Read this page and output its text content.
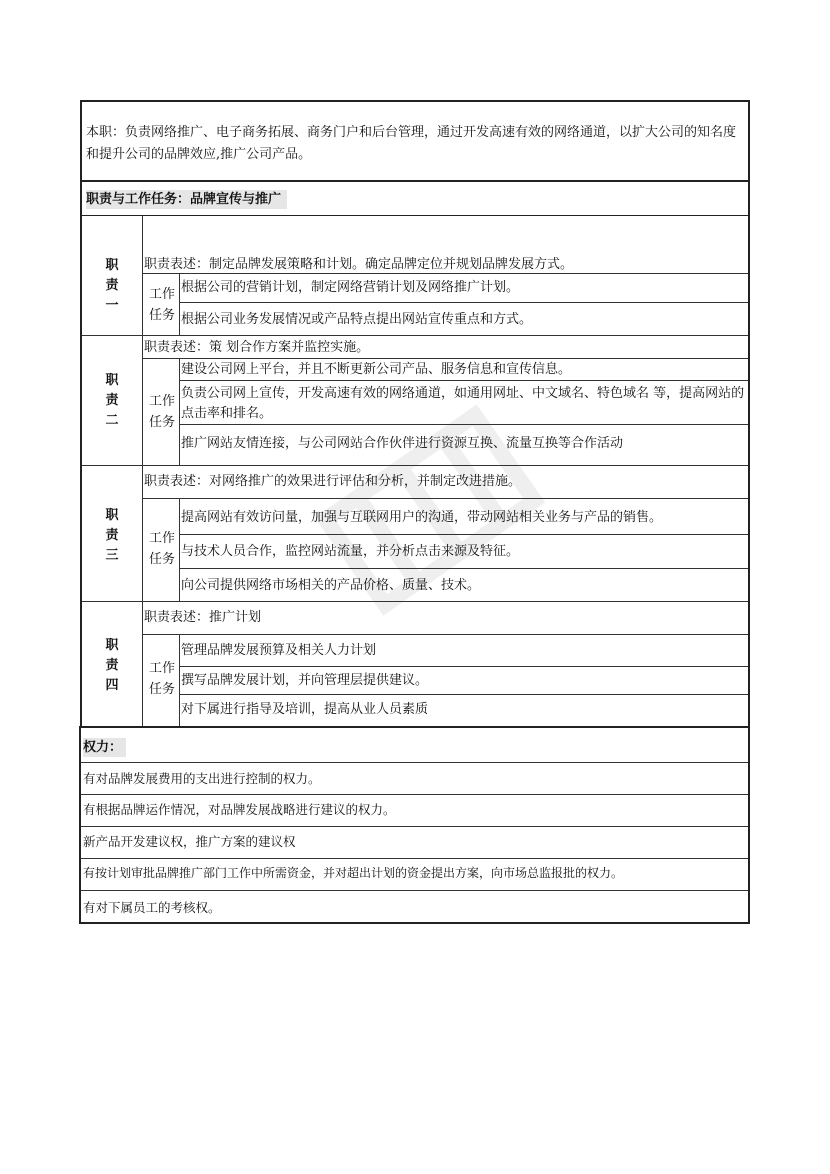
本职：负责网络推广、电子商务拓展、商务门户和后台管理，通过开发高速有效的网络通道，以扩大公司的知名度和提升公司的品牌效应,推广公司产品。
职责与工作任务：品牌宣传与推广
职
责
一
职责表述：制定品牌发展策略和计划。确定品牌定位并规划品牌发展方式。
工作任务
根据公司的营销计划，制定网络营销计划及网络推广计划。
根据公司业务发展情况或产品特点提出网站宣传重点和方式。
职
责
二
职责表述：策 划合作方案并监控实施。
工作任务
建设公司网上平台，并且不断更新公司产品、服务信息和宣传信息。
负责公司网上宣传，开发高速有效的网络通道，如通用网址、中文域名、特色域名 等，提高网站的点击率和排名。
推广网站友情连接，与公司网站合作伙伴进行资源互换、流量互换等合作活动
职
责
三
职责表述：对网络推广的效果进行评估和分析，并制定改进措施。
工作任务
提高网站有效访问量，加强与互联网用户的沟通，带动网站相关业务与产品的销售。
与技术人员合作，监控网站流量，并分析点击来源及特征。
向公司提供网络市场相关的产品价格、质量、技术。
职
责
四
职责表述：推广计划
工作任务
管理品牌发展预算及相关人力计划
撰写品牌发展计划，并向管理层提供建议。
对下属进行指导及培训，提高从业人员素质
权力：
有对品牌发展费用的支出进行控制的权力。
有根据品牌运作情况，对品牌发展战略进行建议的权力。
新产品开发建议权，推广方案的建议权
有按计划审批品牌推广部门工作中所需资金，并对超出计划的资金提出方案，向市场总监报批的权力。
有对下属员工的考核权。
